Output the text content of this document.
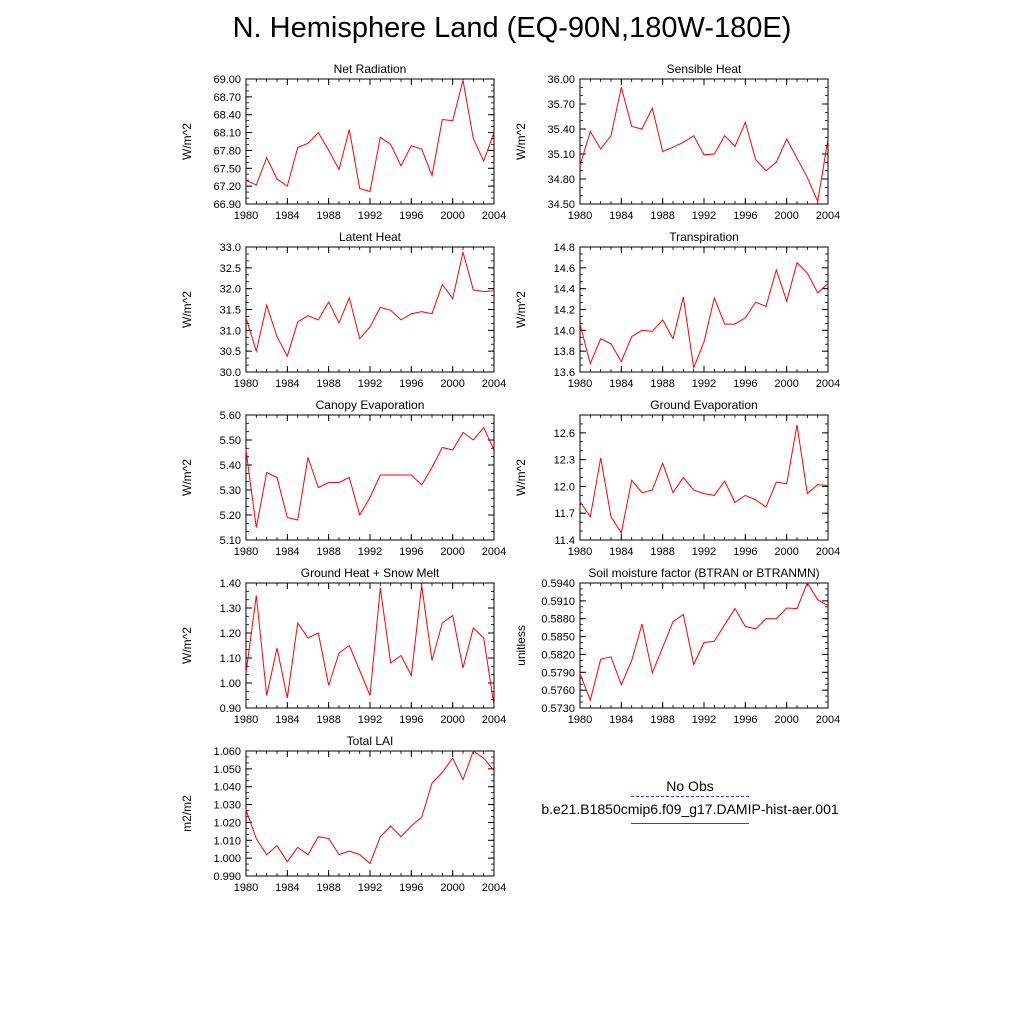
N. Hemisphere Land (EQ-90N,180W-180E)
Net Radiation
W/m^2
1980 1984 1988 1992 1996 2000 2004
66.90
67.20
67.50
67.80
68.10
68.40
68.70
69.00
Sensible Heat
W/m^2
1980 1984 1988 1992 1996 2000 2004
34.50
34.80
35.10
35.40
35.70
36.00
Latent Heat
W/m^2
1980 1984 1988 1992 1996 2000 2004
30.0
30.5
31.0
31.5
32.0
32.5
33.0
Transpiration
W/m^2
1980 1984 1988 1992 1996 2000 2004
13.6
13.8
14.0
14.2
14.4
14.6
14.8
Canopy Evaporation
W/m^2
1980 1984 1988 1992 1996 2000 2004
5.10
5.20
5.30
5.40
5.50
5.60
Ground Evaporation
W/m^2
1980 1984 1988 1992 1996 2000 2004
11.4
11.7
12.0
12.3
12.6
Ground Heat + Snow Melt
W/m^2
1980 1984 1988 1992 1996 2000 2004
0.90
1.00
1.10
1.20
1.30
1.40
Soil moisture factor (BTRAN or BTRANMN)
unitless
1980 1984 1988 1992 1996 2000 2004
0.5730
0.5760
0.5790
0.5820
0.5850
0.5880
0.5910
0.5940
Total LAI
m2/m2
1980 1984 1988 1992 1996 2000 2004
0.990
1.000
1.010
1.020
1.030
1.040
1.050
1.060
No Obs
b.e21.B1850cmip6.f09_g17.DAMIP-hist-aer.001
